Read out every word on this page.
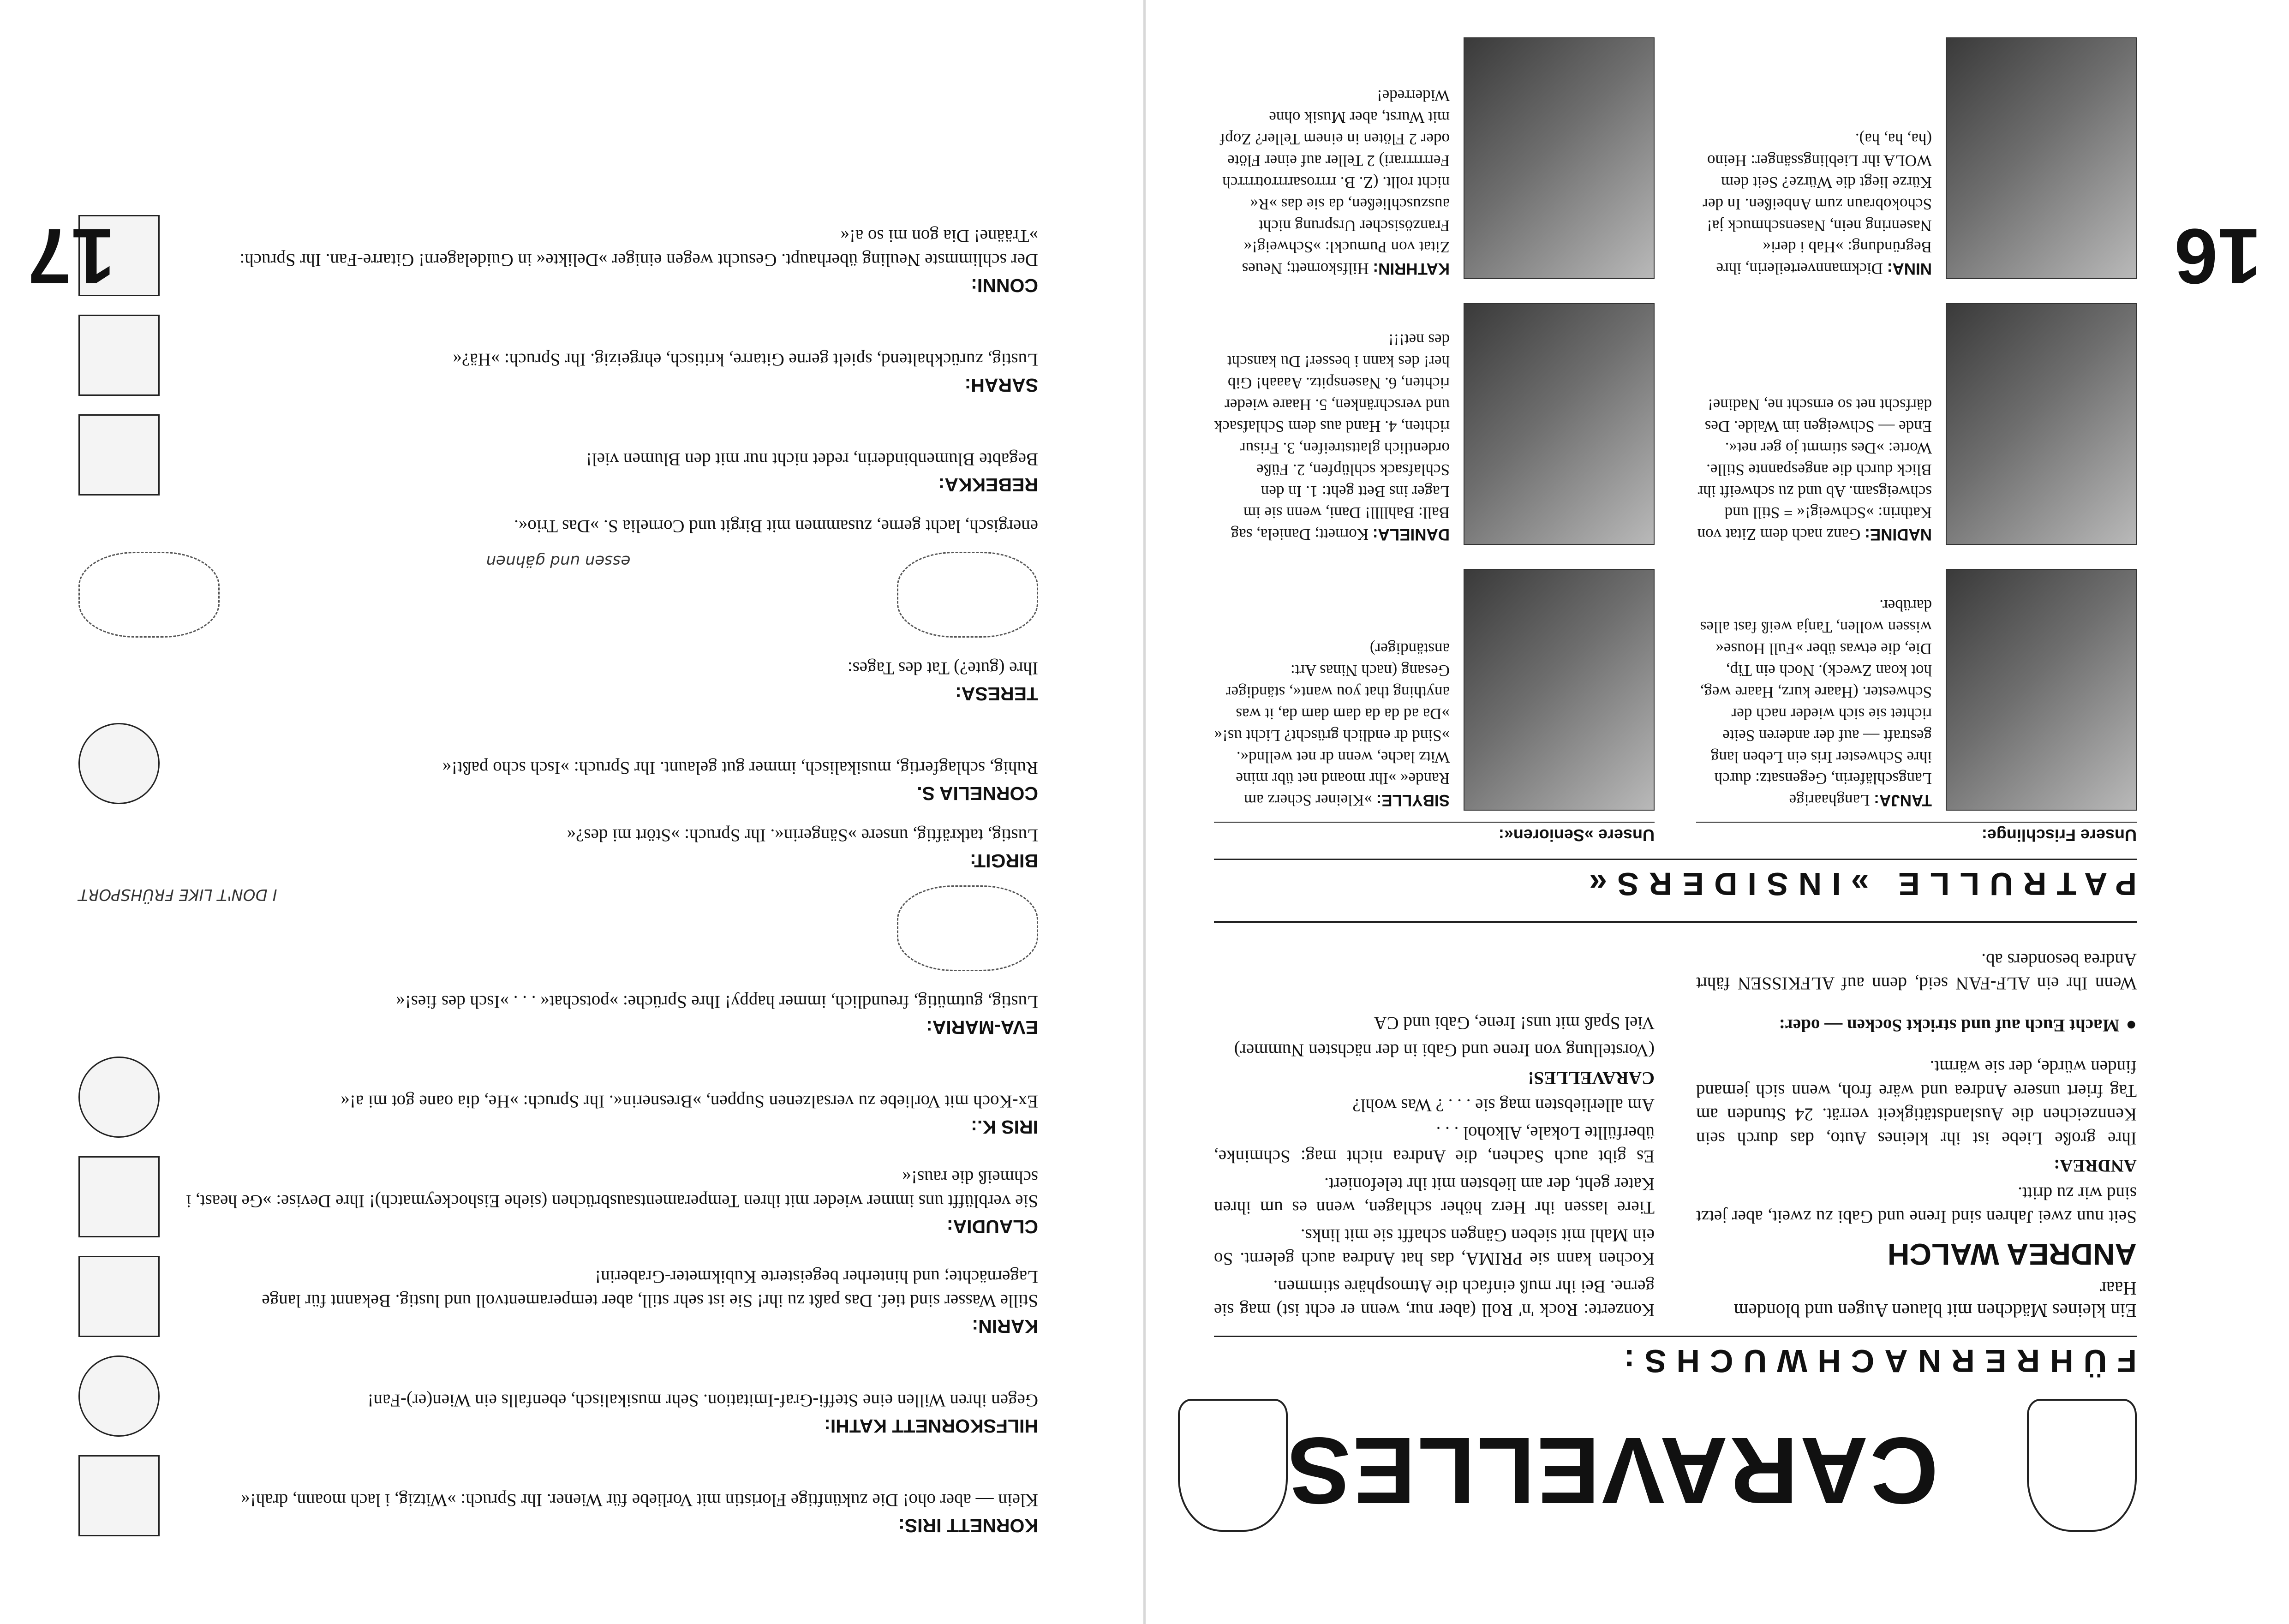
CARAVELLES
FÜHRERNACHWUCHS:

Ein kleines Mädchen mit blauen Augen und blondem Haar

ANDREA WALCH

Seit nun zwei Jahren sind Irene und Gabi zu zweit, aber jetzt sind wir zu dritt.

ANDREA:

Ihre große Liebe ist ihr kleines Auto, das durch sein Kennzeichen die Auslandstätigkeit verrät. 24 Stunden am Tag friert unsere Andrea und wäre froh, wenn sich jemand finden würde, der sie wärmt.

●Macht Euch auf und strickt Socken — oder:

Wenn Ihr ein ALF-FAN seid, denn auf ALFKISSEN fährt Andrea besonders ab.

Konzerte: Rock 'n' Roll (aber nur, wenn er echt ist) mag sie gerne. Bei ihr muß einfach die Atmosphäre stimmen.

Kochen kann sie PRIMA, das hat Andrea auch gelernt. So ein Mahl mit sieben Gängen schafft sie mit links.

Tiere lassen ihr Herz höher schlagen, wenn es um ihren Kater geht, der am liebsten mit ihr telefoniert.

Es gibt auch Sachen, die Andrea nicht mag: Schminke, überfüllte Lokale, Alkohol . . .

Am allerliebsten mag sie . . . ? Was wohl?

CARAVELLES!

(Vorstellung von Irene und Gabi in der nächsten Nummer)

Viel Spaß mit uns! Irene, Gabi und CA

PATRULLE »INSIDERS«
Unsere Frischlinge:
TANJA: Langhaarige Langschläferin, Gegensatz: durch ihre Schwester Iris ein Leben lang gestraft — auf der anderen Seite richtet sie sich wieder nach der Schwester. (Haare kurz, Haare weg, hot koan Zweck). Noch ein Tip, Die, die etwas über »Full House« wissen wollen, Tanja weiß fast alles darüber.
NADINE: Ganz nach dem Zitat von Kathrin: »Schweig!« = Still und schweigsam. Ab und zu schweift ihr Blick durch die angespannte Stille. Worte: »Des stimmt jo ger net«. Ende — Schweigen im Walde. Des därfscht net so ernscht ne, Nadine!
NINA: Dickmannverteilerin, ihre Begründung: »Hab i deri« Nasenring nein, Nasenschmuck ja! Schokobraun zum Anbeißen. In der Kürze liegt die Würze? Seit dem WOLA ihr Lieblingssänger: Heino (ha, ha, ha).
Unsere »Senioren«:
SIBYLLE: »Kleiner Scherz am Rande« »Ihr moand net übr mine Witz lache, wenn dr net wellnd«. »Sind dr endlich grüscht? Licht us!« »Da ad da da dam dam da, it was anything that you want«, ständiger Gesang (nach Ninas Art: anständiger)
DANIELA: Kornett; Daniela, sag Ball: Bahllll! Dani, wenn sie im Lager ins Bett geht: 1. In den Schlafsack schlüpfen, 2. Füße ordentlich glattstreifen, 3. Frisur richten, 4. Hand aus dem Schlafsack und verschränken, 5. Haare wieder richten, 6. Nasenspitz. Aaaah! Gib her! des kann i besser! Du kanscht des net!!!
KATHRIN: Hilfskornett; Neues Zitat von Pumuckl: »Schweig!« Französischer Ursprung nicht auszuschließen, da sie das »R« nicht rollt. (Z. B. rrrrosarrrrotrrrrch Ferrrrrrari) 2 Teller auf einer Flöte oder 2 Flöten in einem Teller? Zopf mit Wurst, aber Musik ohne Widerrede!
16

KORNETT IRIS:

Klein — aber oho! Die zukünftige Floristin mit Vorliebe für Wiener. Ihr Spruch: »Witzig, i lach moann, drah!«

HILFSKORNETT KATHI:

Gegen ihren Willen eine Steffi-Graf-Imitation. Sehr musikalisch, ebenfalls ein Wien(er)-Fan!

KARIN:

Stille Wasser sind tief. Das paßt zu ihr! Sie ist sehr still, aber temperamentvoll und lustig. Bekannt für lange Lagernächte; und hinterher begeisterte Kubikmeter-Graberin!

CLAUDIA:

Sie verblüfft uns immer wieder mit ihren Temperamentsausbrüchen (siehe Eishockeymatch)! Ihre Devise: »Ge heast, i schmeiß die raus!«

IRIS K.:

Ex-Koch mit Vorliebe zu versalzenen Suppen, »Bresnerin«. Ihr Spruch: »He, dia oane got mi a!«

EVA-MARIA:

Lustig, gutmütig, freundlich, immer happy! Ihre Sprüche: »potschat« . . . »Isch des fies!«

I DON'T LIKE FRÜHSPORT

BIRGIT:

Lustig, tatkräftig, unsere »Sängerin«. Ihr Spruch: »Stört mi des?«

CORNELIA S.

Ruhig, schlagfertig, musikalisch, immer gut gelaunt. Ihr Spruch: »Isch scho paßt!«

TERESA:

Ihre (gute?) Tat des Tages:

essen und gähnen

energisch, lacht gerne, zusammen mit Birgit und Cornelia S. »Das Trio«.

REBEKKA:

Begabte Blumenbinderin, redet nicht nur mit den Blumen viel!

SARAH:

Lustig, zurückhaltend, spielt gerne Gitarre, kritisch, ehrgeizig. Ihr Spruch: »Hä?«

CONNI:

Der schlimmste Neuling überhaupt. Gesucht wegen einiger »Delikte« in Guidelagern! Gitarre-Fan. Ihr Spruch: »Trääne! Dia gon mi so a!«

17
